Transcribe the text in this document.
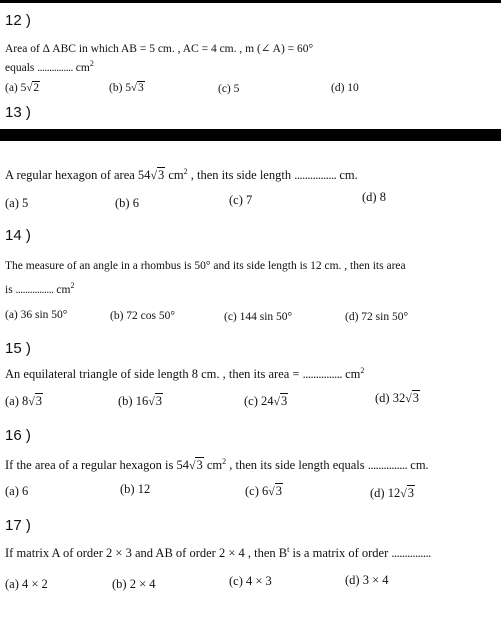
12 )
Area of Δ ABC in which AB = 5 cm. , AC = 4 cm. , m (∠ A) = 60°
equals ............... $cm^2$
(a) 5√2	(b) 5√3	(c) 5	(d) 10
13 )
A regular hexagon of area 54√3 $cm^2$ , then its side length ................ cm.
(a) 5	(b) 6	(c) 7	(d) 8
14 )
The measure of an angle in a rhombus is 50° and its side length is 12 cm. , then its area
is ................ $cm^2$
(a) 36 sin 50°	(b) 72 cos 50°	(c) 144 sin 50°	(d) 72 sin 50°
15 )
An equilateral triangle of side length 8 cm. , then its area = ............... $cm^2$
(a) 8√3	(b) 16√3	(c) 24√3	(d) 32√3
16 )
If the area of a regular hexagon is 54√3 $cm^2$ , then its side length equals ............... cm.
(a) 6	(b) 12	(c) 6√3	(d) 12√3
17 )
If matrix A of order 2 × 3 and AB of order 2 × 4 , then $B^t$ is a matrix of order ...............
(a) 4 × 2	(b) 2 × 4	(c) 4 × 3	(d) 3 × 4
